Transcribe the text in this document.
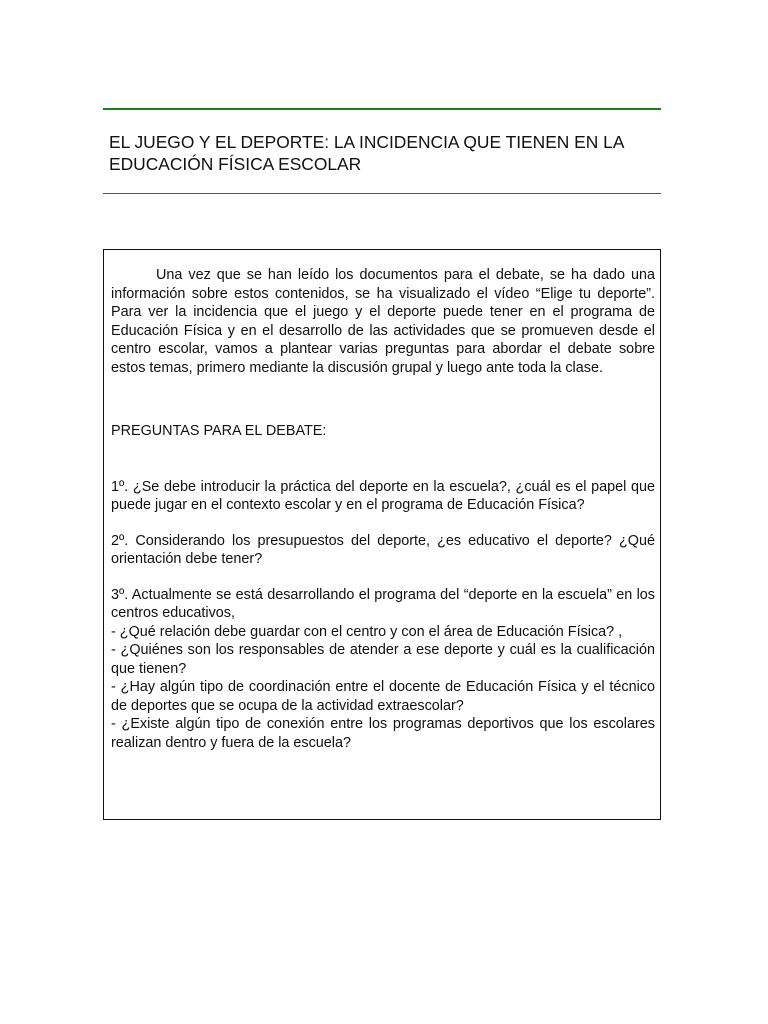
EL JUEGO Y EL DEPORTE: LA INCIDENCIA QUE TIENEN EN LA EDUCACIÓN FÍSICA ESCOLAR

Una vez que se han leído los documentos para el debate, se ha dado una información sobre estos contenidos, se ha visualizado el vídeo “Elige tu deporte”. Para ver la incidencia que el juego y el deporte puede tener en el programa de Educación Física y en el desarrollo de las actividades que se promueven desde el centro escolar, vamos a plantear varias preguntas para abordar el debate sobre estos temas, primero mediante la discusión grupal y luego ante toda la clase.

PREGUNTAS PARA EL DEBATE:

1º. ¿Se debe introducir la práctica del deporte en la escuela?, ¿cuál es el papel que puede jugar en el contexto escolar y en el programa de Educación Física?

2º. Considerando los presupuestos del deporte, ¿es educativo el deporte? ¿Qué orientación debe tener?

3º. Actualmente se está desarrollando el programa del “deporte en la escuela” en los centros educativos,

- ¿Qué relación debe guardar con el centro y con el área de Educación Física? ,

- ¿Quiénes son los responsables de atender a ese deporte y cuál es la cualificación que tienen?

- ¿Hay algún tipo de coordinación entre el docente de Educación Física y el técnico de deportes que se ocupa de la actividad extraescolar?

- ¿Existe algún tipo de conexión entre los programas deportivos que los escolares realizan dentro y fuera de la escuela?
